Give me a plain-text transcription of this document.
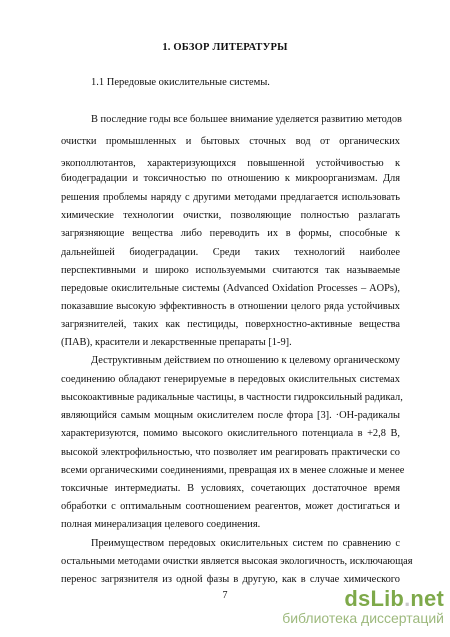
1. ОБЗОР ЛИТЕРАТУРЫ
1.1 Передовые окислительные системы.
В последние годы все большее внимание уделяется развитию методов
очистки промышленных и бытовых сточных вод от органических
экополлютантов, характеризующихся повышенной устойчивостью к
биодеградации и токсичностью по отношению к микроорганизмам. Для
решения проблемы наряду с другими методами предлагается использовать
химические технологии очистки, позволяющие полностью разлагать
загрязняющие вещества либо переводить их в формы, способные к
дальнейшей биодеградации. Среди таких технологий наиболее
перспективными и широко используемыми считаются так называемые
передовые окислительные системы (Advanced Oxidation Processes – AOPs),
показавшие высокую эффективность в отношении целого ряда устойчивых
загрязнителей, таких как пестициды, поверхностно-активные вещества
(ПАВ), красители и лекарственные препараты [1-9].
Деструктивным действием по отношению к целевому органическому
соединению обладают генерируемые в передовых окислительных системах
высокоактивные радикальные частицы, в частности гидроксильный радикал,
являющийся самым мощным окислителем после фтора [3]. ·OH-радикалы
характеризуются, помимо высокого окислительного потенциала в +2,8 В,
высокой электрофильностью, что позволяет им реагировать практически со
всеми органическими соединениями, превращая их в менее сложные и менее
токсичные интермедиаты. В условиях, сочетающих достаточное время
обработки с оптимальным соотношением реагентов, может достигаться и
полная минерализация целевого соединения.
Преимуществом передовых окислительных систем по сравнению с
остальными методами очистки является высокая экологичность, исключающая
перенос загрязнителя из одной фазы в другую, как в случае химического
7	dsLib.net
библиотека диссертаций
